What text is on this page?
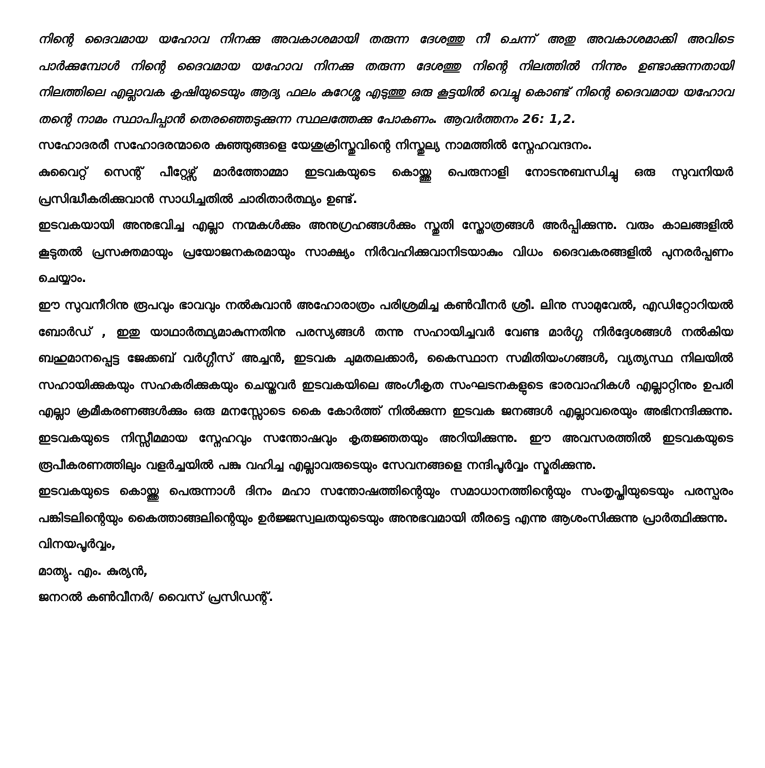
നിന്റെ ദൈവമായ യഹോവ നിനക്കു അവകാശമായി തരുന്ന ദേശത്തു നീ ചെന്ന് അതു അവകാശമാക്കി അവിടെ പാർക്കുമ്പോൾ നിന്റെ ദൈവമായ യഹോവ നിനക്കു തരുന്ന ദേശത്തു നിന്റെ നിലത്തിൽ നിന്നും ഉണ്ടാക്കുന്നതായി നിലത്തിലെ എല്ലാവക കൃഷിയുടെയും ആദ്യ ഫലം കുറേശ്ശ എടുത്തു ഒരു കൂട്ടയിൽ വെച്ചു കൊണ്ട് നിന്റെ ദൈവമായ യഹോവ തന്റെ നാമം സ്ഥാപിപ്പാൻ തെരഞ്ഞെടുക്കുന്ന സ്ഥലത്തേക്കു പോകണം. ആവർത്തനം 26: 1,2.

സഹോദരരീ സഹോദരന്മാരെ കുഞ്ഞുങ്ങളെ യേശുക്രിസ്തുവിന്റെ നിസ്തുല്യ നാമത്തിൽ സ്നേഹവന്ദനം.

കുവൈറ്റ് സെന്റ് പീറ്റേഴ്സ് മാർത്തോമ്മാ ഇടവകയുടെ കൊയ്ത്തു പെരുനാളി നോടനുബന്ധിച്ചു ഒരു സുവനിയർ പ്രസിദ്ധീകരിക്കുവാൻ സാധിച്ചതിൽ ചാരിതാർത്ഥ്യം ഉണ്ട്.

ഇടവകയായി അനുഭവിച്ച എല്ലാ നന്മകൾക്കും അനുഗ്രഹങ്ങൾക്കും സ്തുതി സ്തോത്രങ്ങൾ അർപ്പിക്കുന്നു. വരും കാലങ്ങളിൽ കൂടുതൽ പ്രസക്തമായും പ്രയോജനകരമായും സാക്ഷ്യം നിർവഹിക്കുവാനിടയാകും വിധം ദൈവകരങ്ങളിൽ പുനരർപ്പണം ചെയ്യാം.

ഈ സുവനീറിനു രൂപവും ഭാവവും നൽകുവാൻ അഹോരാത്രം പരിശ്രമിച്ച കൺവീനർ ശ്രീ. ലിനു സാമുവേൽ, എഡിറ്റോറിയൽ ബോർഡ് , ഇതു യാഥാർത്ഥ്യമാകുന്നതിനു പരസ്യങ്ങൾ തന്നു സഹായിച്ചവർ വേണ്ട മാർഗ്ഗ നിർദ്ദേശങ്ങൾ നൽകിയ ബഹുമാനപ്പെട്ട ജേക്കബ് വർഗ്ഗീസ് അച്ചൻ, ഇടവക ചുമതലക്കാർ, കൈസ്ഥാന സമിതിയംഗങ്ങൾ, വ്യത്യസ്ഥ നിലയിൽ സഹായിക്കുകയും സഹകരിക്കുകയും ചെയ്തവർ ഇടവകയിലെ അംഗീകൃത സംഘടനകളുടെ ഭാരവാഹികൾ എല്ലാറ്റിനും ഉപരി എല്ലാ ക്രമീകരണങ്ങൾക്കും ഒരു മനസ്സോടെ കൈ കോർത്ത് നിൽക്കുന്ന ഇടവക ജനങ്ങൾ എല്ലാവരെയും അഭിനന്ദിക്കുന്നു. ഇടവകയുടെ നിസ്സീമമായ സ്നേഹവും സന്തോഷവും കൃതജ്ഞതയും അറിയിക്കുന്നു. ഈ അവസരത്തിൽ ഇടവകയുടെ രൂപീകരണത്തിലും വളർച്ചയിൽ പങ്കു വഹിച്ച എല്ലാവരുടെയും സേവനങ്ങളെ നന്ദിപൂർവ്വം സ്മരിക്കുന്നു.

ഇടവകയുടെ കൊയ്ത്തു പെരുന്നാൾ ദിനം മഹാ സന്തോഷത്തിന്റെയും സമാധാനത്തിന്റെയും സംതൃപ്തിയുടെയും പരസ്പരം പങ്കിടലിന്റെയും കൈത്താങ്ങലിന്റെയും ഉർജ്ജസ്വലതയുടെയും അനുഭവമായി തീരട്ടെ എന്നു ആശംസിക്കുന്നു പ്രാർത്ഥിക്കുന്നു.

വിനയപൂർവ്വം,

മാത്യു. എം. കുര്യൻ,

ജനറൽ കൺവീനർ/ വൈസ് പ്രസിഡന്റ്.
